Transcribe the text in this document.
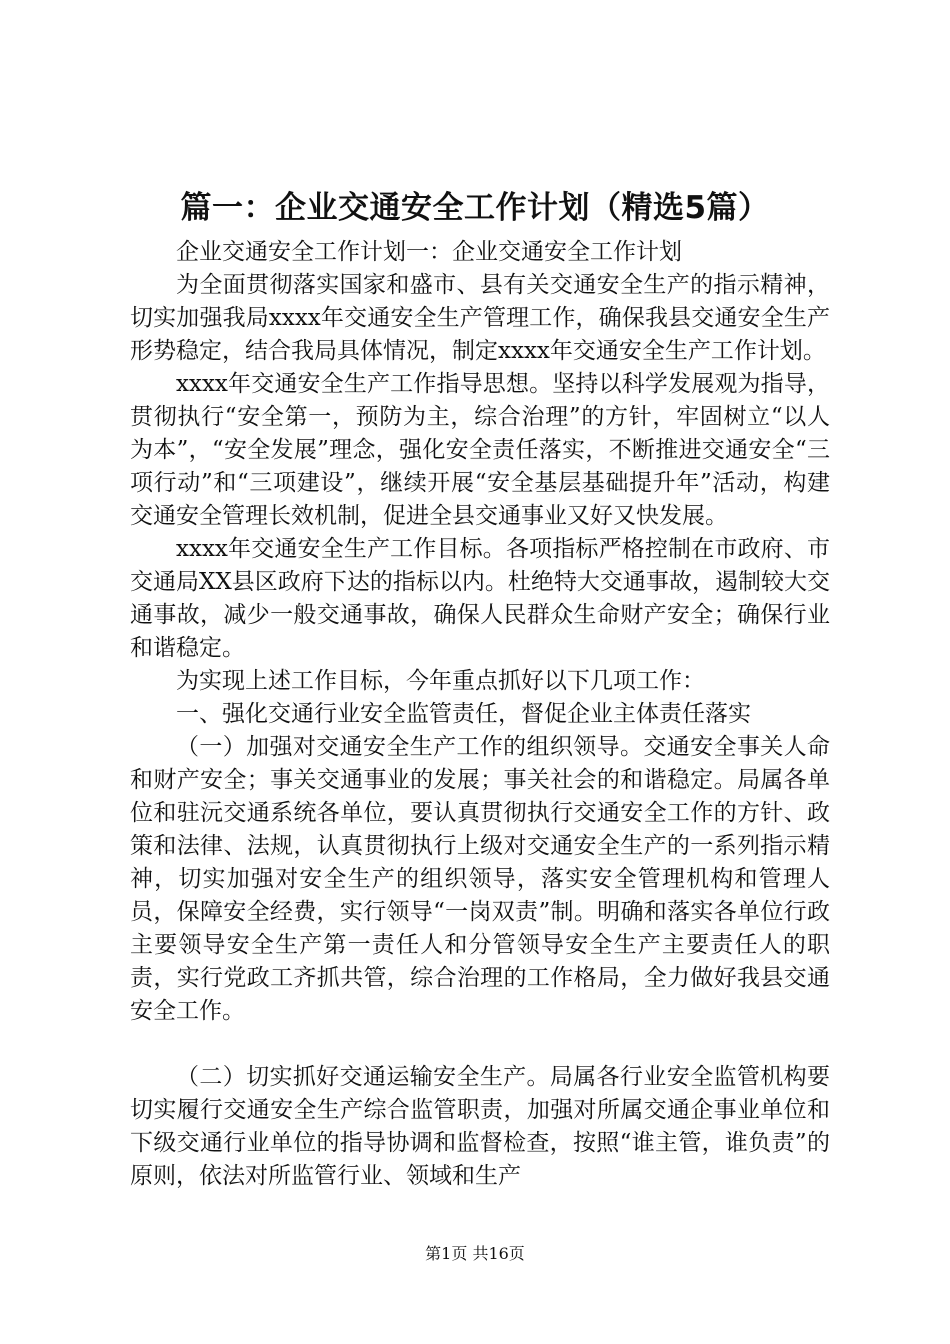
篇一：企业交通安全工作计划（精选5篇）

企业交通安全工作计划一：企业交通安全工作计划

为全面贯彻落实国家和盛市、县有关交通安全生产的指示精神，切实加强我局xxxx年交通安全生产管理工作，确保我县交通安全生产形势稳定，结合我局具体情况，制定xxxx年交通安全生产工作计划。

xxxx年交通安全生产工作指导思想。坚持以科学发展观为指导，贯彻执行“安全第一，预防为主，综合治理”的方针，牢固树立“以人为本”，“安全发展”理念，强化安全责任落实，不断推进交通安全“三项行动”和“三项建设”，继续开展“安全基层基础提升年”活动，构建交通安全管理长效机制，促进全县交通事业又好又快发展。

xxxx年交通安全生产工作目标。各项指标严格控制在市政府、市交通局XX县区政府下达的指标以内。杜绝特大交通事故，遏制较大交通事故，减少一般交通事故，确保人民群众生命财产安全；确保行业和谐稳定。

为实现上述工作目标，今年重点抓好以下几项工作：

一、强化交通行业安全监管责任，督促企业主体责任落实

（一）加强对交通安全生产工作的组织领导。交通安全事关人命和财产安全；事关交通事业的发展；事关社会的和谐稳定。局属各单位和驻沅交通系统各单位，要认真贯彻执行交通安全工作的方针、政策和法律、法规，认真贯彻执行上级对交通安全生产的一系列指示精神，切实加强对安全生产的组织领导，落实安全管理机构和管理人员，保障安全经费，实行领导“一岗双责”制。明确和落实各单位行政主要领导安全生产第一责任人和分管领导安全生产主要责任人的职责，实行党政工齐抓共管，综合治理的工作格局，全力做好我县交通安全工作。

（二）切实抓好交通运输安全生产。局属各行业安全监管机构要切实履行交通安全生产综合监管职责，加强对所属交通企事业单位和下级交通行业单位的指导协调和监督检查，按照“谁主管，谁负责”的原则，依法对所监管行业、领域和生产

第1页 共16页
